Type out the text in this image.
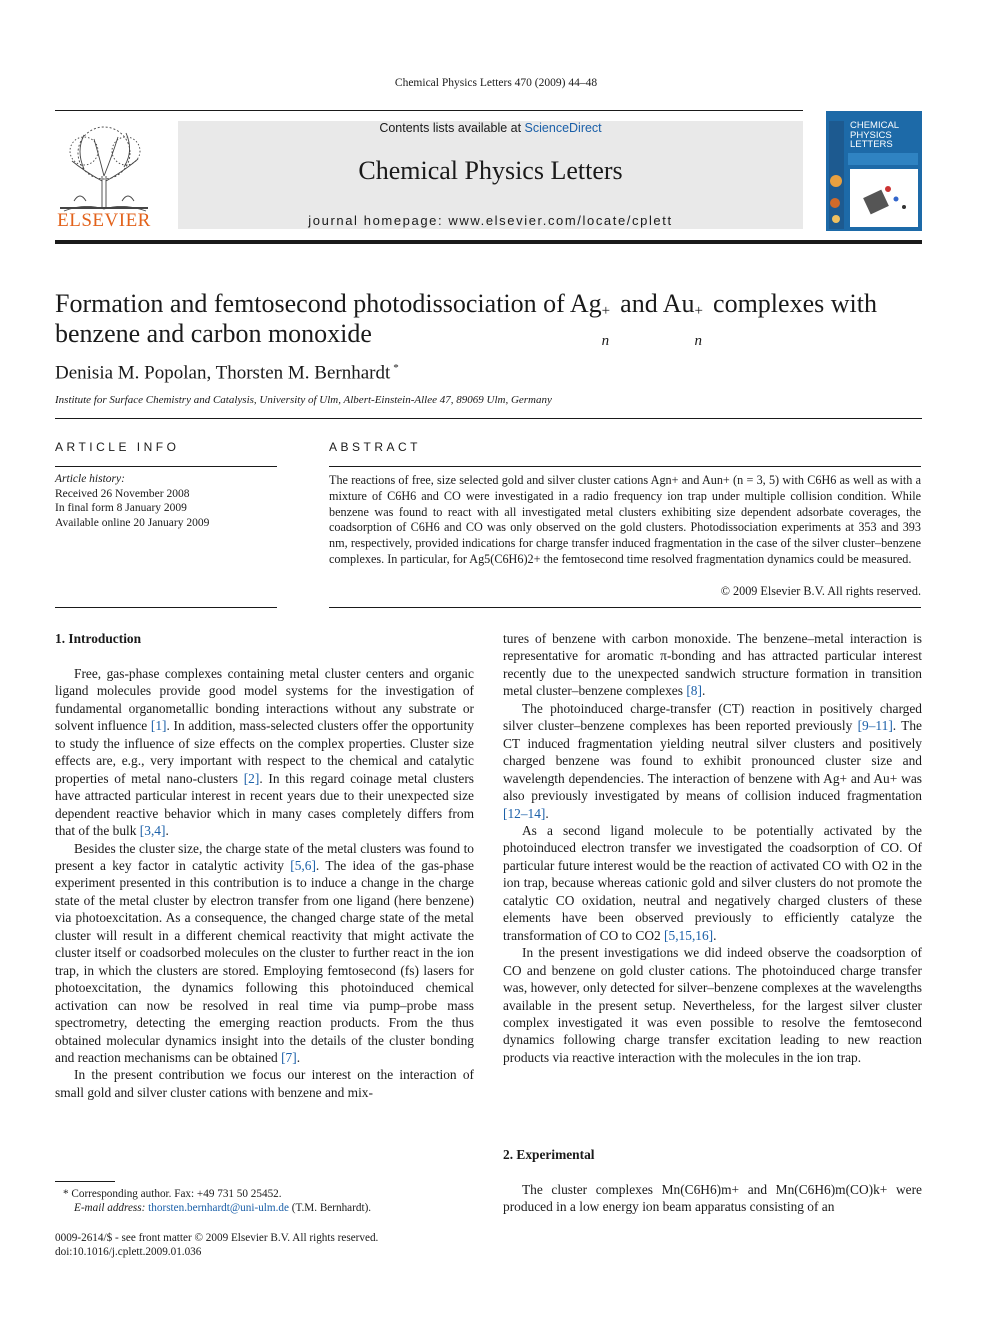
Chemical Physics Letters 470 (2009) 44–48
ELSEVIER
Contents lists available at ScienceDirect
Chemical Physics Letters
journal homepage: www.elsevier.com/locate/cplett
CHEMICAL
PHYSICS
LETTERS
Formation and femtosecond photodissociation of Ag +
n
and Au +
n
complexes with
benzene and carbon monoxide
Denisia M. Popolan, Thorsten M. Bernhardt *
Institute for Surface Chemistry and Catalysis, University of Ulm, Albert-Einstein-Allee 47, 89069 Ulm, Germany
ARTICLE INFO
Article history:
Received 26 November 2008
In final form 8 January 2009
Available online 20 January 2009
ABSTRACT
The reactions of free, size selected gold and silver cluster cations Agn+ and Aun+ (n = 3, 5) with C6H6 as well as with a mixture of C6H6 and CO were investigated in a radio frequency ion trap under multiple collision condition. While benzene was found to react with all investigated metal clusters exhibiting size dependent adsorbate coverages, the coadsorption of C6H6 and CO was only observed on the gold clusters. Photodissociation experiments at 353 and 393 nm, respectively, provided indications for charge transfer induced fragmentation in the case of the silver cluster–benzene complexes. In particular, for Ag5(C6H6)2+ the femtosecond time resolved fragmentation dynamics could be measured.
© 2009 Elsevier B.V. All rights reserved.
1. Introduction

Free, gas-phase complexes containing metal cluster centers and organic ligand molecules provide good model systems for the investigation of fundamental organometallic bonding interactions without any substrate or solvent influence [1]. In addition, mass-selected clusters offer the opportunity to study the influence of size effects on the complex properties. Cluster size effects are, e.g., very important with respect to the chemical and catalytic properties of metal nano-clusters [2]. In this regard coinage metal clusters have attracted particular interest in recent years due to their unexpected size dependent reactive behavior which in many cases completely differs from that of the bulk [3,4].

Besides the cluster size, the charge state of the metal clusters was found to present a key factor in catalytic activity [5,6]. The idea of the gas-phase experiment presented in this contribution is to induce a change in the charge state of the metal cluster by electron transfer from one ligand (here benzene) via photoexcitation. As a consequence, the changed charge state of the metal cluster will result in a different chemical reactivity that might activate the cluster itself or coadsorbed molecules on the cluster to further react in the ion trap, in which the clusters are stored. Employing femtosecond (fs) lasers for photoexcitation, the dynamics following this photoinduced chemical activation can now be resolved in real time via pump–probe mass spectrometry, detecting the emerging reaction products. From the thus obtained molecular dynamics insight into the details of the cluster bonding and reaction mechanisms can be obtained [7].

In the present contribution we focus our interest on the interaction of small gold and silver cluster cations with benzene and mix-

* Corresponding author. Fax: +49 731 50 25452.
E-mail address: thorsten.bernhardt@uni-ulm.de (T.M. Bernhardt).
0009-2614/$ - see front matter © 2009 Elsevier B.V. All rights reserved.
doi:10.1016/j.cplett.2009.01.036

tures of benzene with carbon monoxide. The benzene–metal interaction is representative for aromatic π-bonding and has attracted particular interest recently due to the unexpected sandwich structure formation in transition metal cluster–benzene complexes [8].

The photoinduced charge-transfer (CT) reaction in positively charged silver cluster–benzene complexes has been reported previously [9–11]. The CT induced fragmentation yielding neutral silver clusters and positively charged benzene was found to exhibit pronounced cluster size and wavelength dependencies. The interaction of benzene with Ag+ and Au+ was also previously investigated by means of collision induced fragmentation [12–14].

As a second ligand molecule to be potentially activated by the photoinduced electron transfer we investigated the coadsorption of CO. Of particular future interest would be the reaction of activated CO with O2 in the ion trap, because whereas cationic gold and silver clusters do not promote the catalytic CO oxidation, neutral and negatively charged clusters of these elements have been observed previously to efficiently catalyze the transformation of CO to CO2 [5,15,16].

In the present investigations we did indeed observe the coadsorption of CO and benzene on gold cluster cations. The photoinduced charge transfer was, however, only detected for silver–benzene complexes at the wavelengths available in the present setup. Nevertheless, for the largest silver cluster complex investigated it was even possible to resolve the femtosecond dynamics following charge transfer excitation leading to new reaction products via reactive interaction with the molecules in the ion trap.

2. Experimental

The cluster complexes Mn(C6H6)m+ and Mn(C6H6)m(CO)k+ were produced in a low energy ion beam apparatus consisting of an
